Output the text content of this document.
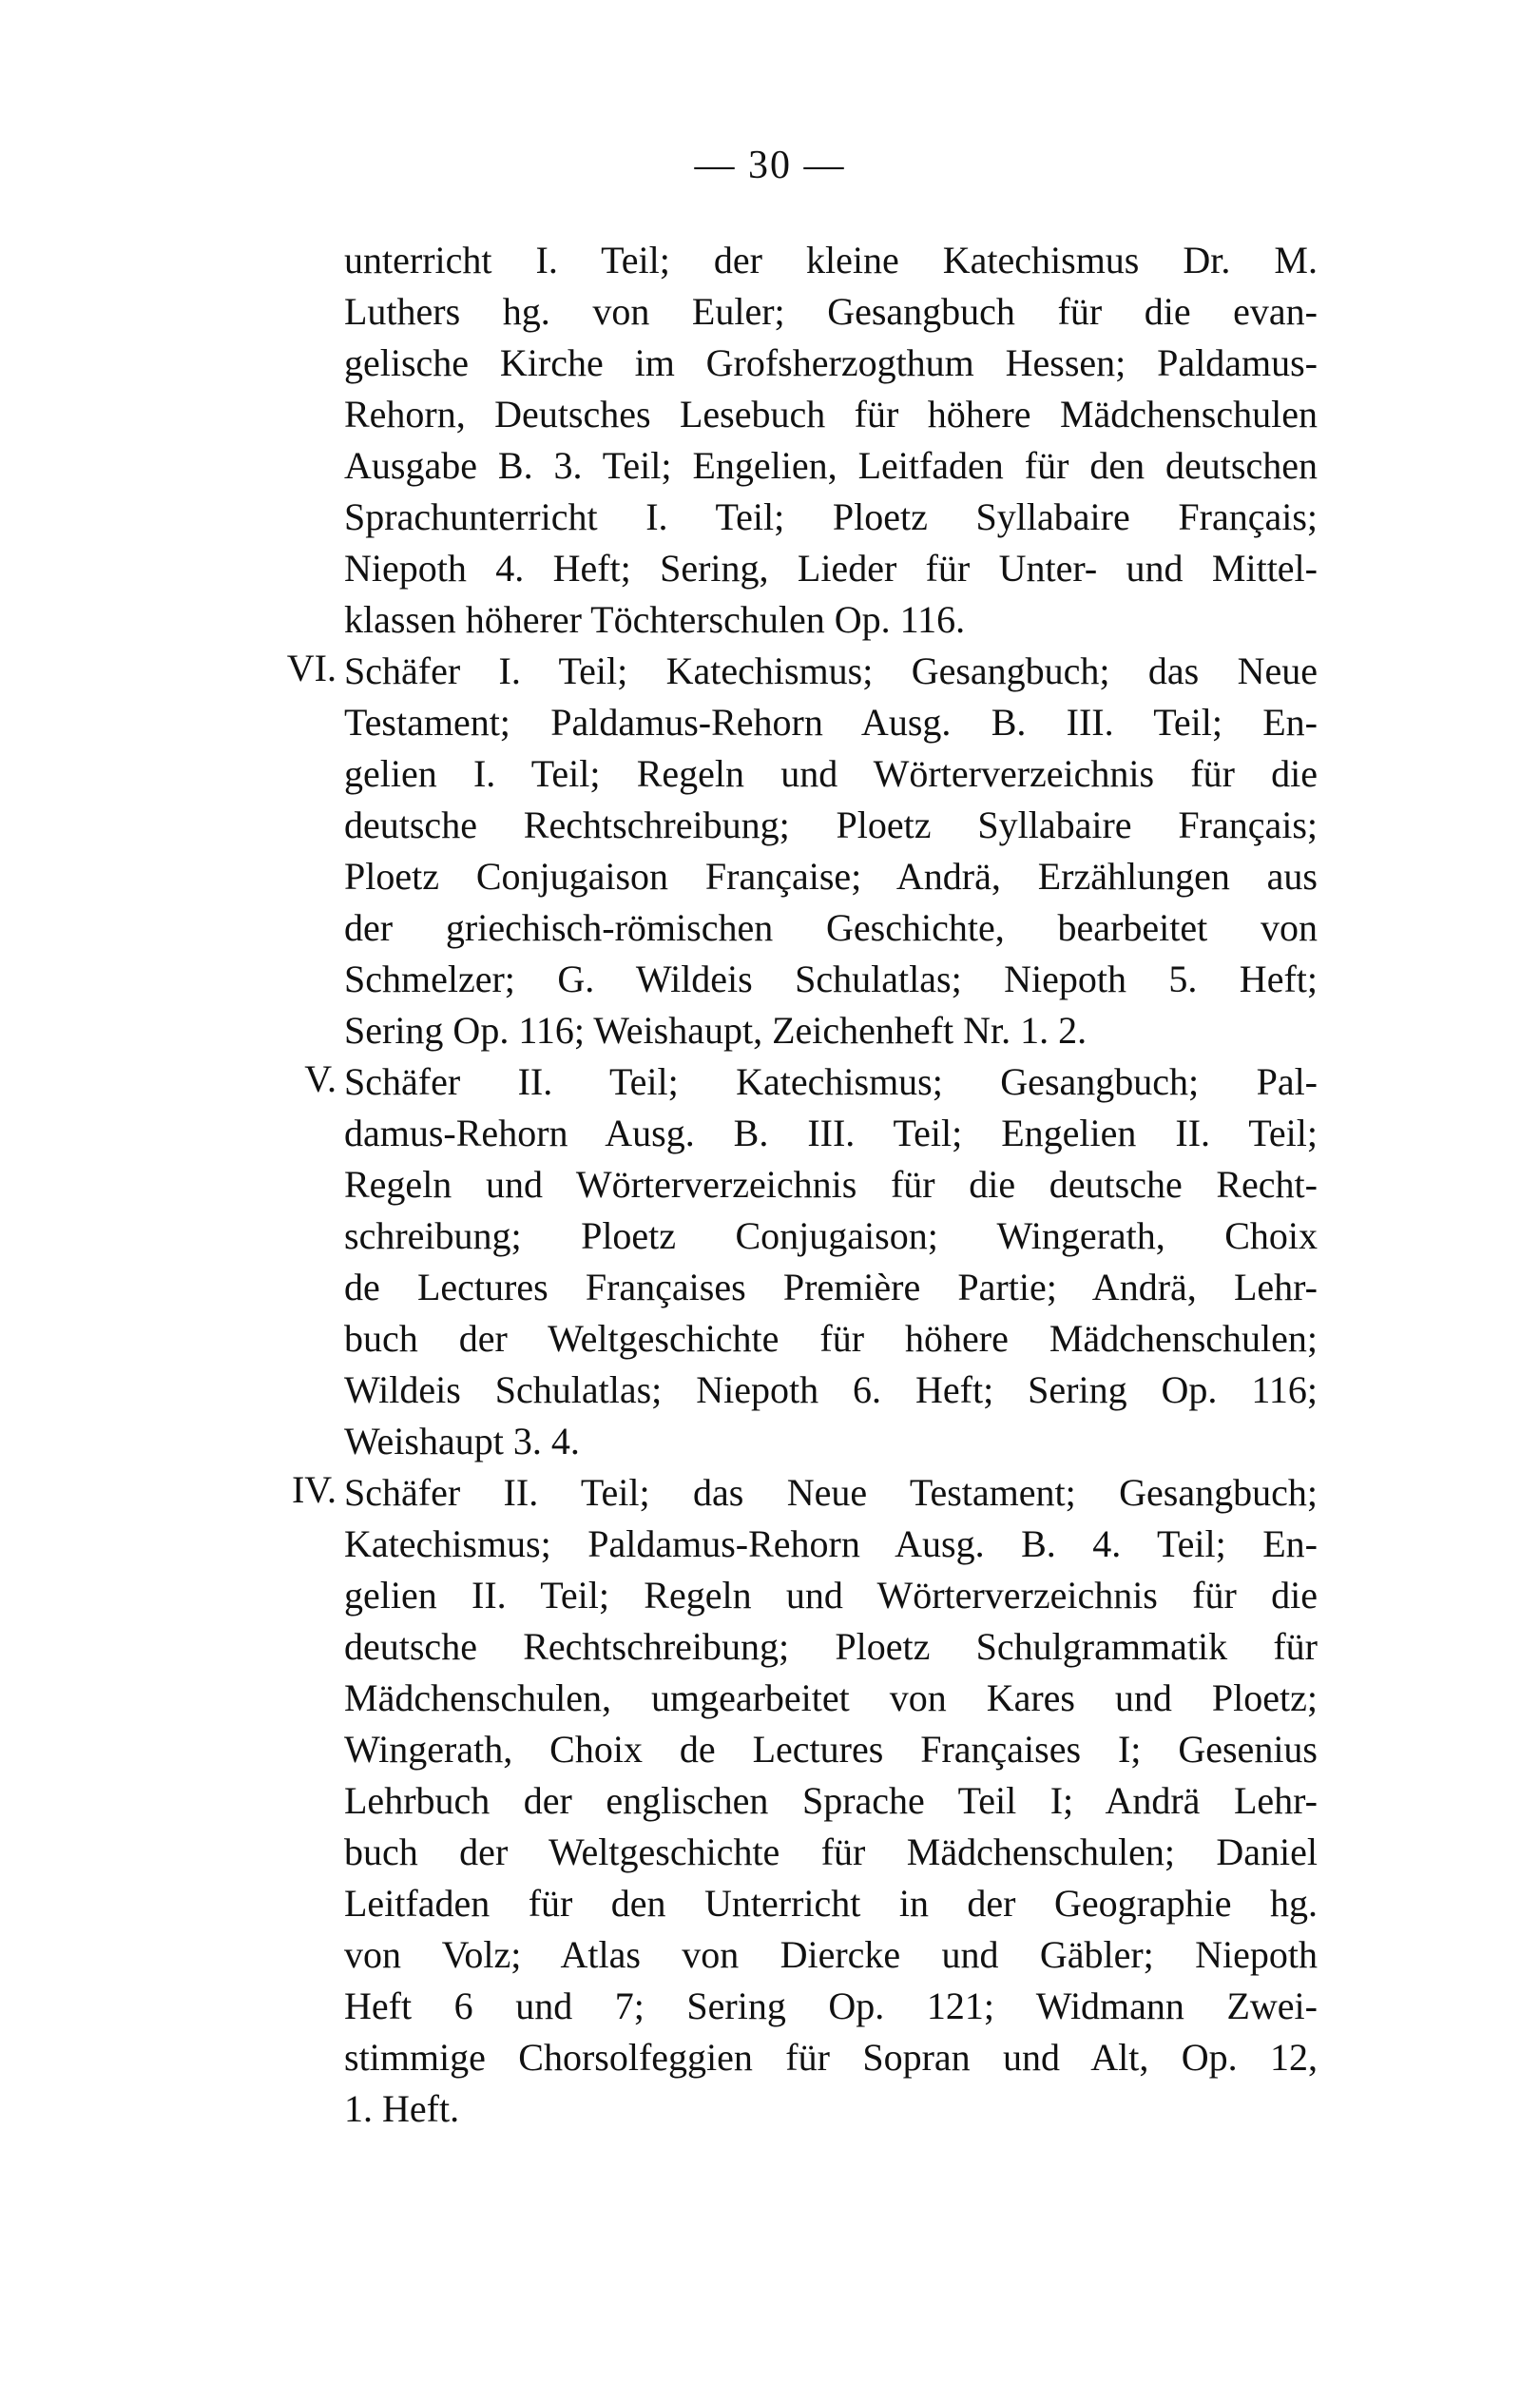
— 30 —
unterricht I. Teil; der kleine Katechismus Dr. M.
Luthers hg. von Euler; Gesangbuch für die evan-
gelische Kirche im Grofsherzogthum Hessen; Paldamus-
Rehorn, Deutsches Lesebuch für höhere Mädchenschulen
Ausgabe B. 3. Teil; Engelien, Leitfaden für den deutschen
Sprachunterricht I. Teil; Ploetz Syllabaire Français;
Niepoth 4. Heft; Sering, Lieder für Unter- und Mittel-
klassen höherer Töchterschulen Op. 116.
VI. Schäfer I. Teil; Katechismus; Gesangbuch; das Neue
Testament; Paldamus-Rehorn Ausg. B. III. Teil; En-
gelien I. Teil; Regeln und Wörterverzeichnis für die
deutsche Rechtschreibung; Ploetz Syllabaire Français;
Ploetz Conjugaison Française; Andrä, Erzählungen aus
der griechisch-römischen Geschichte, bearbeitet von
Schmelzer; G. Wildeis Schulatlas; Niepoth 5. Heft;
Sering Op. 116; Weishaupt, Zeichenheft Nr. 1. 2.
V. Schäfer II. Teil; Katechismus; Gesangbuch; Pal-
damus-Rehorn Ausg. B. III. Teil; Engelien II. Teil;
Regeln und Wörterverzeichnis für die deutsche Recht-
schreibung; Ploetz Conjugaison; Wingerath, Choix
de Lectures Françaises Première Partie; Andrä, Lehr-
buch der Weltgeschichte für höhere Mädchenschulen;
Wildeis Schulatlas; Niepoth 6. Heft; Sering Op. 116;
Weishaupt 3. 4.
IV. Schäfer II. Teil; das Neue Testament; Gesangbuch;
Katechismus; Paldamus-Rehorn Ausg. B. 4. Teil; En-
gelien II. Teil; Regeln und Wörterverzeichnis für die
deutsche Rechtschreibung; Ploetz Schulgrammatik für
Mädchenschulen, umgearbeitet von Kares und Ploetz;
Wingerath, Choix de Lectures Françaises I; Gesenius
Lehrbuch der englischen Sprache Teil I; Andrä Lehr-
buch der Weltgeschichte für Mädchenschulen; Daniel
Leitfaden für den Unterricht in der Geographie hg.
von Volz; Atlas von Diercke und Gäbler; Niepoth
Heft 6 und 7; Sering Op. 121; Widmann Zwei-
stimmige Chorsolfeggien für Sopran und Alt, Op. 12,
1. Heft.
